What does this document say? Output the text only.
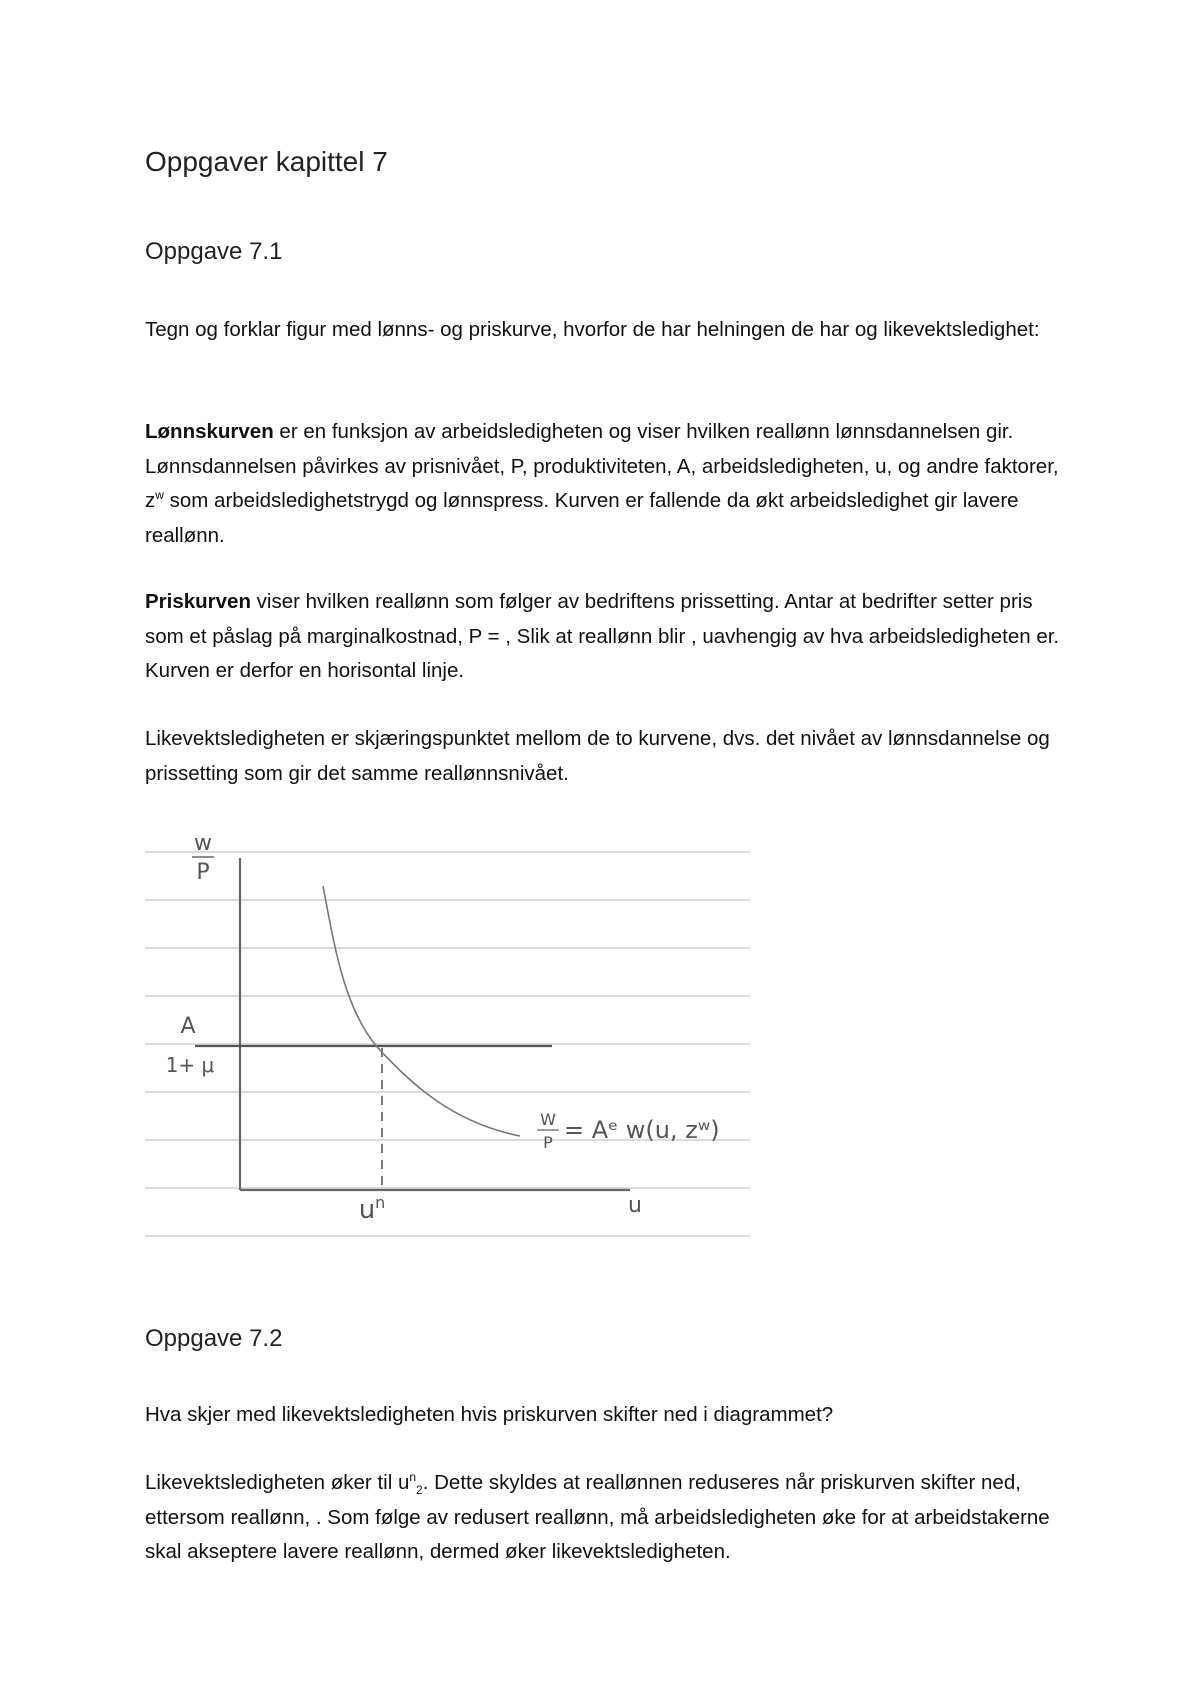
Oppgaver kapittel 7
Oppgave 7.1
Tegn og forklar figur med lønns- og priskurve, hvorfor de har helningen de har og likevektsledighet:
Lønnskurven er en funksjon av arbeidsledigheten og viser hvilken reallønn lønnsdannelsen gir. Lønnsdannelsen påvirkes av prisnivået, P, produktiviteten, A, arbeidsledigheten, u, og andre faktorer, $z^w$ som arbeidsledighetstrygd og lønnspress. Kurven er fallende da økt arbeidsledighet gir lavere reallønn.
Priskurven viser hvilken reallønn som følger av bedriftens prissetting. Antar at bedrifter setter pris som et påslag på marginalkostnad, P = , Slik at reallønn blir , uavhengig av hva arbeidsledigheten er. Kurven er derfor en horisontal linje.
Likevektsledigheten er skjæringspunktet mellom de to kurvene, dvs. det nivået av lønnsdannelse og prissetting som gir det samme reallønnsnivået.
w
P
A
1+ μ
u
$u^n$
W
P = Aᵉ w(u, zʷ)
Oppgave 7.2
Hva skjer med likevektsledigheten hvis priskurven skifter ned i diagrammet?
Likevektsledigheten øker til $u^n_2$. Dette skyldes at reallønnen reduseres når priskurven skifter ned, ettersom reallønn, . Som følge av redusert reallønn, må arbeidsledigheten øke for at arbeidstakerne skal akseptere lavere reallønn, dermed øker likevektsledigheten.
